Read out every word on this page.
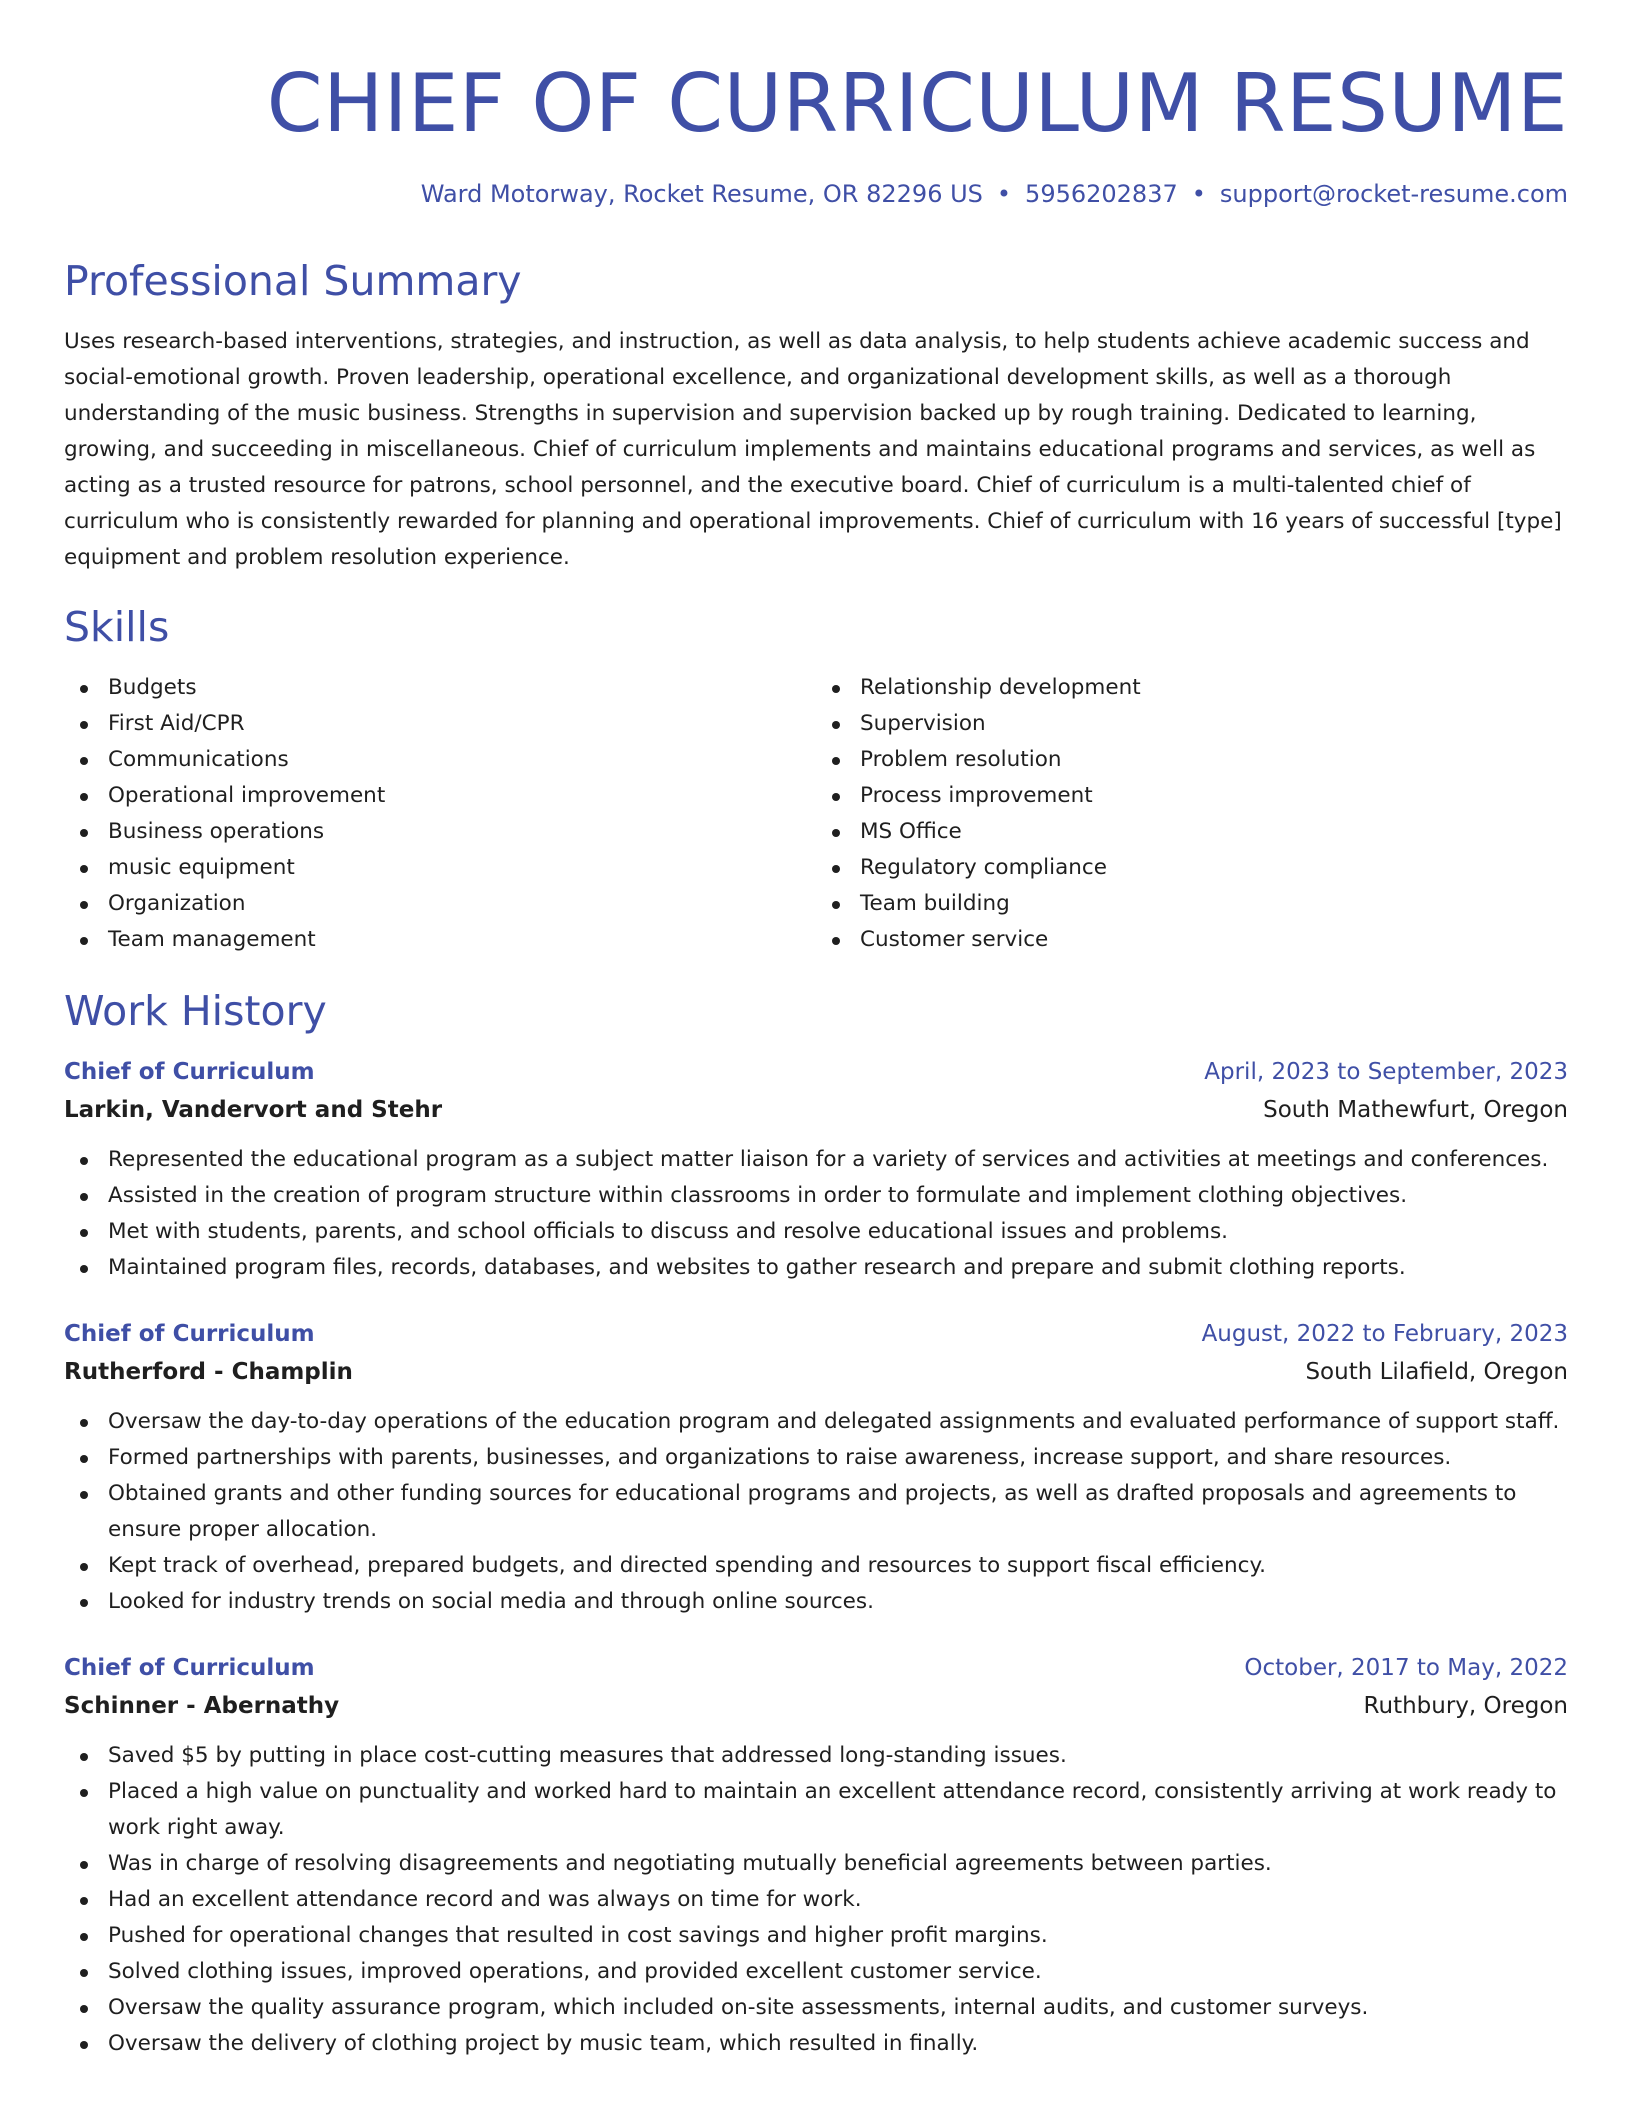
CHIEF OF CURRICULUM RESUME
Ward Motorway, Rocket Resume, OR 82296 US • 5956202837 • support@rocket-resume.com
Professional Summary

Uses research-based interventions, strategies, and instruction, as well as data analysis, to help students achieve academic success and social-emotional growth. Proven leadership, operational excellence, and organizational development skills, as well as a thorough understanding of the music business. Strengths in supervision and supervision backed up by rough training. Dedicated to learning, growing, and succeeding in miscellaneous. Chief of curriculum implements and maintains educational programs and services, as well as acting as a trusted resource for patrons, school personnel, and the executive board. Chief of curriculum is a multi-talented chief of curriculum who is consistently rewarded for planning and operational improvements. Chief of curriculum with 16 years of successful [type] equipment and problem resolution experience.

Skills
Budgets
First Aid/CPR
Communications
Operational improvement
Business operations
music equipment
Organization
Team management
Relationship development
Supervision
Problem resolution
Process improvement
MS Office
Regulatory compliance
Team building
Customer service
Work History
Chief of Curriculum	April, 2023 to September, 2023
Larkin, Vandervort and Stehr	South Mathewfurt, Oregon
Represented the educational program as a subject matter liaison for a variety of services and activities at meetings and conferences.
Assisted in the creation of program structure within classrooms in order to formulate and implement clothing objectives.
Met with students, parents, and school officials to discuss and resolve educational issues and problems.
Maintained program files, records, databases, and websites to gather research and prepare and submit clothing reports.
Chief of Curriculum	August, 2022 to February, 2023
Rutherford - Champlin	South Lilafield, Oregon
Oversaw the day-to-day operations of the education program and delegated assignments and evaluated performance of support staff.
Formed partnerships with parents, businesses, and organizations to raise awareness, increase support, and share resources.
Obtained grants and other funding sources for educational programs and projects, as well as drafted proposals and agreements to ensure proper allocation.
Kept track of overhead, prepared budgets, and directed spending and resources to support fiscal efficiency.
Looked for industry trends on social media and through online sources.
Chief of Curriculum	October, 2017 to May, 2022
Schinner - Abernathy	Ruthbury, Oregon
Saved $5 by putting in place cost-cutting measures that addressed long-standing issues.
Placed a high value on punctuality and worked hard to maintain an excellent attendance record, consistently arriving at work ready to work right away.
Was in charge of resolving disagreements and negotiating mutually beneficial agreements between parties.
Had an excellent attendance record and was always on time for work.
Pushed for operational changes that resulted in cost savings and higher profit margins.
Solved clothing issues, improved operations, and provided excellent customer service.
Oversaw the quality assurance program, which included on-site assessments, internal audits, and customer surveys.
Oversaw the delivery of clothing project by music team, which resulted in finally.
